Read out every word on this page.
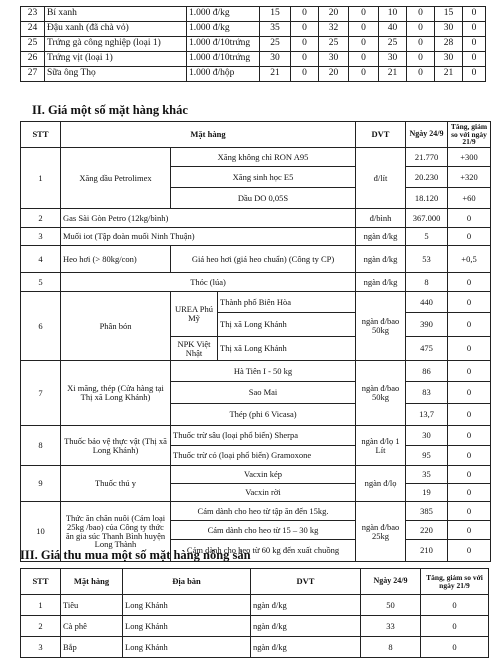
23	Bí xanh	1.000 đ/kg	15	0	20	0	10	0	15	0
24	Đậu xanh (đã chà vỏ)	1.000 đ/kg	35	0	32	0	40	0	30	0
25	Trứng gà công nghiệp (loại 1)	1.000 đ/10trứng	25	0	25	0	25	0	28	0
26	Trứng vịt (loại 1)	1.000 đ/10trứng	30	0	30	0	30	0	30	0
27	Sữa ông Thọ	1.000 đ/hộp	21	0	20	0	21	0	21	0
II. Giá một số mặt hàng khác
STT	Mặt hàng			DVT	Ngày 24/9	Tăng, giảm so với ngày 21/9
1	Xăng dầu Petrolimex	Xăng không chì RON A95		đ/lít	21.770	+300
		Xăng sinh học E5			20.230	+320
		Dầu DO 0,05S			18.120	+60
2	Gas Sài Gòn Petro (12kg/bình)			đ/bình	367.000	0
3	Muối iot (Tập đoàn muối Ninh Thuận)			ngàn đ/kg	5	0
4	Heo hơi (> 80kg/con)	Giá heo hơi (giá heo chuẩn) (Công ty CP)		ngàn đ/kg	53	+0,5
5	Thóc (lúa)			ngàn đ/kg	8	0
6	Phân bón	UREA Phú Mỹ	Thành phố Biên Hòa	ngàn đ/bao 50kg	440	0
			Thị xã Long Khánh		390	0
		NPK Việt Nhật	Thị xã Long Khánh		475	0
7	Xi măng, thép (Cửa hàng tại Thị xã Long Khánh)	Hà Tiên I - 50 kg		ngàn đ/bao 50kg	86	0
		Sao Mai			83	0
		Thép (phi 6 Vicasa)			13,7	0
8	Thuốc bảo vệ thực vật (Thị xã Long Khánh)	Thuốc trừ sâu (loại phổ biến) Sherpa		ngàn đ/lọ 1 Lít	30	0
		Thuốc trừ cỏ (loại phổ biến) Gramoxone			95	0
9	Thuốc thú y	Vacxin kép		ngàn đ/lọ	35	0
		Vacxin rời			19	0
10	Thức ăn chăn nuôi (Cám loại 25kg /bao) của Công ty thức ăn gia súc Thanh Bình huyện Long Thành	Cám dành cho heo từ tập ăn đến 15kg.		ngàn đ/bao 25kg	385	0
		Cám dành cho heo từ 15 – 30 kg			220	0
		Cám dành cho heo từ 60 kg đến xuất chuồng			210	0
III. Giá thu mua một số mặt hàng nông sản
STT	Mặt hàng	Địa bàn	DVT	Ngày 24/9	Tăng, giảm so với ngày 21/9
1	Tiêu	Long Khánh	ngàn đ/kg	50	0
2	Cà phê	Long Khánh	ngàn đ/kg	33	0
3	Bắp	Long Khánh	ngàn đ/kg	8	0
